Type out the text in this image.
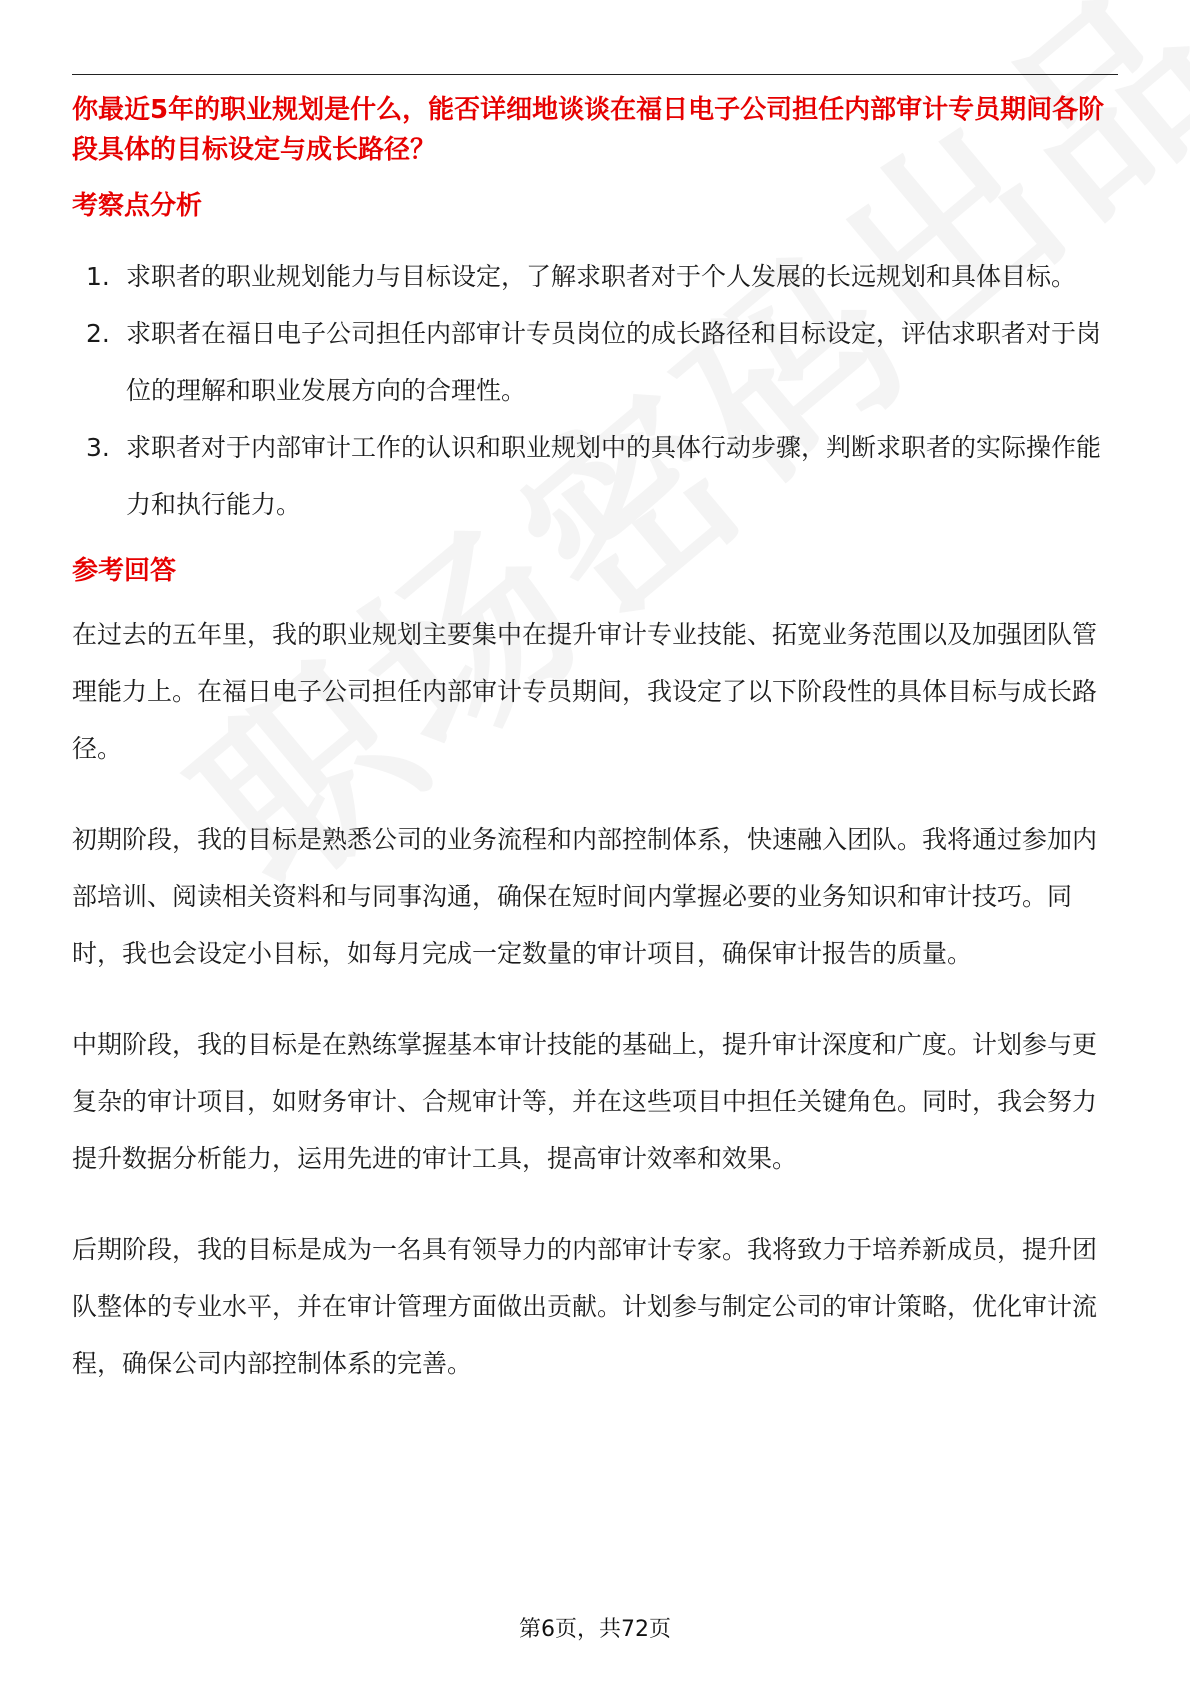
你最近5年的职业规划是什么，能否详细地谈谈在福日电子公司担任内部审计专员期间各阶段具体的目标设定与成长路径？

考察点分析
1. 求职者的职业规划能力与目标设定，了解求职者对于个人发展的长远规划和具体目标。
2. 求职者在福日电子公司担任内部审计专员岗位的成长路径和目标设定，评估求职者对于岗位的理解和职业发展方向的合理性。
3. 求职者对于内部审计工作的认识和职业规划中的具体行动步骤，判断求职者的实际操作能力和执行能力。
参考回答

在过去的五年里，我的职业规划主要集中在提升审计专业技能、拓宽业务范围以及加强团队管理能力上。在福日电子公司担任内部审计专员期间，我设定了以下阶段性的具体目标与成长路径。

初期阶段，我的目标是熟悉公司的业务流程和内部控制体系，快速融入团队。我将通过参加内部培训、阅读相关资料和与同事沟通，确保在短时间内掌握必要的业务知识和审计技巧。同时，我也会设定小目标，如每月完成一定数量的审计项目，确保审计报告的质量。

中期阶段，我的目标是在熟练掌握基本审计技能的基础上，提升审计深度和广度。计划参与更复杂的审计项目，如财务审计、合规审计等，并在这些项目中担任关键角色。同时，我会努力提升数据分析能力，运用先进的审计工具，提高审计效率和效果。

后期阶段，我的目标是成为一名具有领导力的内部审计专家。我将致力于培养新成员，提升团队整体的专业水平，并在审计管理方面做出贡献。计划参与制定公司的审计策略，优化审计流程，确保公司内部控制体系的完善。

第6页，共72页
